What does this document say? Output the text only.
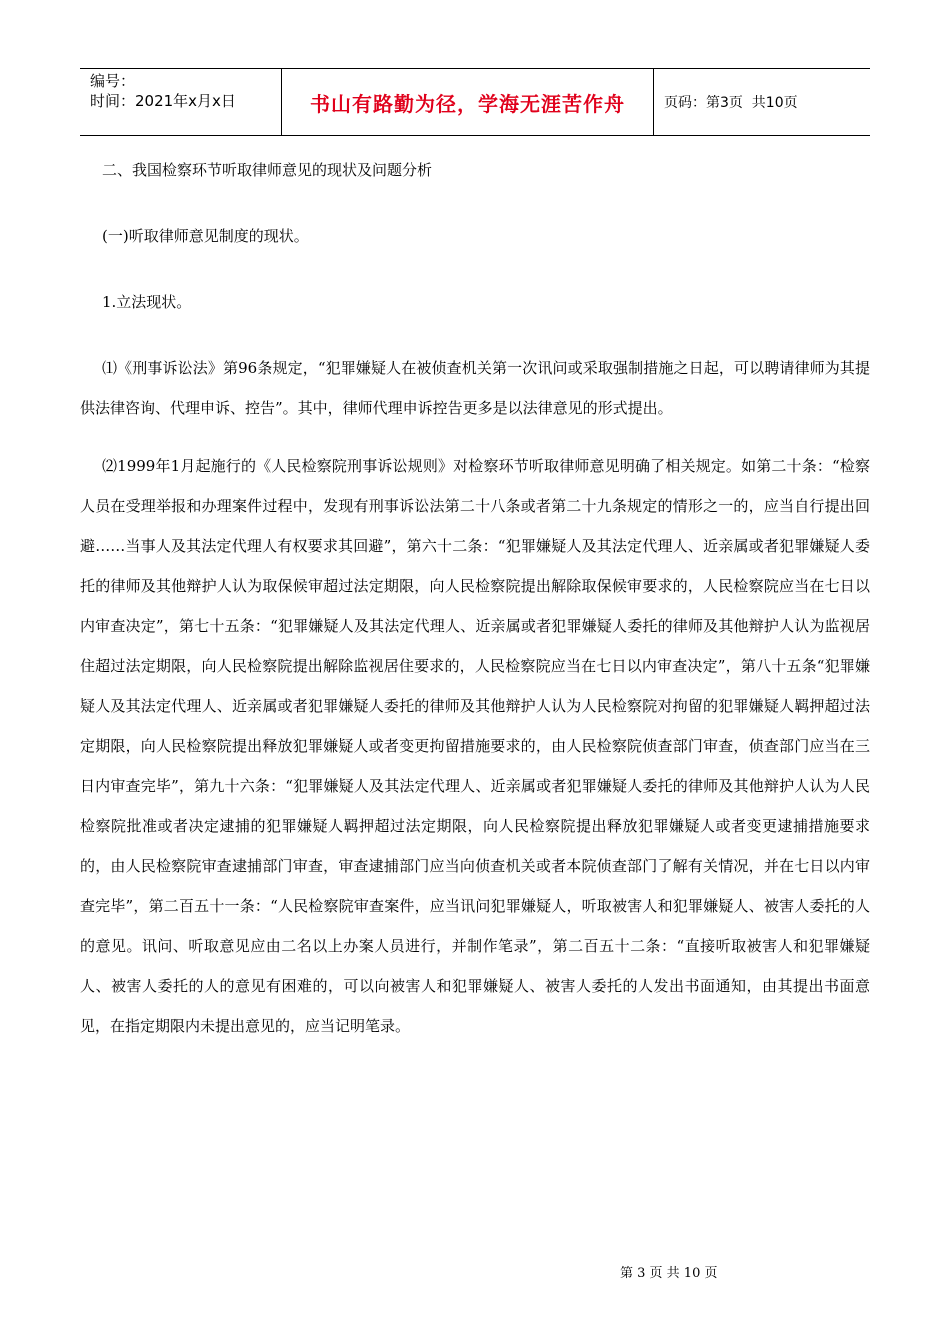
编号：
时间：2021年x月x日	书山有路勤为径，学海无涯苦作舟	页码：第3页  共10页

二、我国检察环节听取律师意见的现状及问题分析

(一)听取律师意见制度的现状。

1.立法现状。

⑴《刑事诉讼法》第96条规定，“犯罪嫌疑人在被侦查机关第一次讯问或采取强制措施之日起，可以聘请律师为其提供法律咨询、代理申诉、控告”。其中，律师代理申诉控告更多是以法律意见的形式提出。

⑵1999年1月起施行的《人民检察院刑事诉讼规则》对检察环节听取律师意见明确了相关规定。如第二十条：“检察人员在受理举报和办理案件过程中，发现有刑事诉讼法第二十八条或者第二十九条规定的情形之一的，应当自行提出回避……当事人及其法定代理人有权要求其回避”，第六十二条：“犯罪嫌疑人及其法定代理人、近亲属或者犯罪嫌疑人委托的律师及其他辩护人认为取保候审超过法定期限，向人民检察院提出解除取保候审要求的，人民检察院应当在七日以内审查决定”，第七十五条：“犯罪嫌疑人及其法定代理人、近亲属或者犯罪嫌疑人委托的律师及其他辩护人认为监视居住超过法定期限，向人民检察院提出解除监视居住要求的，人民检察院应当在七日以内审查决定”，第八十五条“犯罪嫌疑人及其法定代理人、近亲属或者犯罪嫌疑人委托的律师及其他辩护人认为人民检察院对拘留的犯罪嫌疑人羁押超过法定期限，向人民检察院提出释放犯罪嫌疑人或者变更拘留措施要求的，由人民检察院侦查部门审查，侦查部门应当在三日内审查完毕”，第九十六条：“犯罪嫌疑人及其法定代理人、近亲属或者犯罪嫌疑人委托的律师及其他辩护人认为人民检察院批准或者决定逮捕的犯罪嫌疑人羁押超过法定期限，向人民检察院提出释放犯罪嫌疑人或者变更逮捕措施要求的，由人民检察院审查逮捕部门审查，审查逮捕部门应当向侦查机关或者本院侦查部门了解有关情况，并在七日以内审查完毕”，第二百五十一条：“人民检察院审查案件，应当讯问犯罪嫌疑人，听取被害人和犯罪嫌疑人、被害人委托的人的意见。讯问、听取意见应由二名以上办案人员进行，并制作笔录”，第二百五十二条：“直接听取被害人和犯罪嫌疑人、被害人委托的人的意见有困难的，可以向被害人和犯罪嫌疑人、被害人委托的人发出书面通知，由其提出书面意见，在指定期限内未提出意见的，应当记明笔录。

第 3 页 共 10 页
